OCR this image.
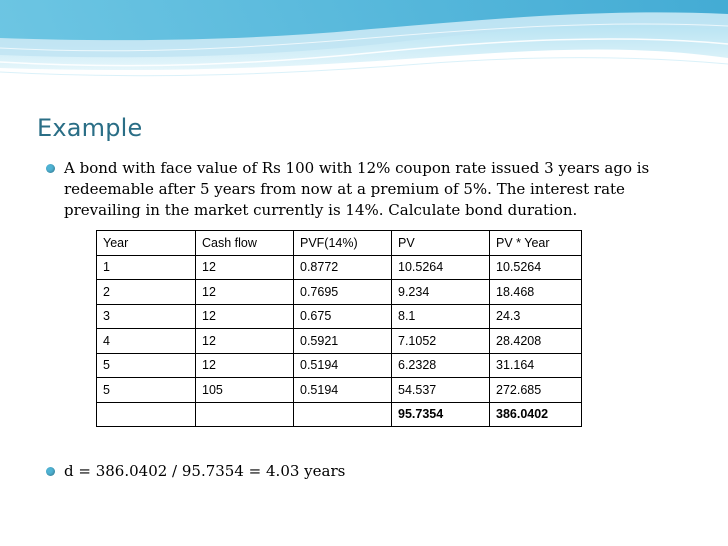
Example
A bond with face value of Rs 100 with 12% coupon rate issued 3 years ago is redeemable after 5 years from now at a premium of 5%. The interest rate prevailing in the market currently is 14%. Calculate bond duration.
Year	Cash flow	PVF(14%)	PV	PV * Year
1	12	0.8772	10.5264	10.5264
2	12	0.7695	9.234	18.468
3	12	0.675	8.1	24.3
4	12	0.5921	7.1052	28.4208
5	12	0.5194	6.2328	31.164
5	105	0.5194	54.537	272.685
			95.7354	386.0402
d = 386.0402 / 95.7354 = 4.03 years
